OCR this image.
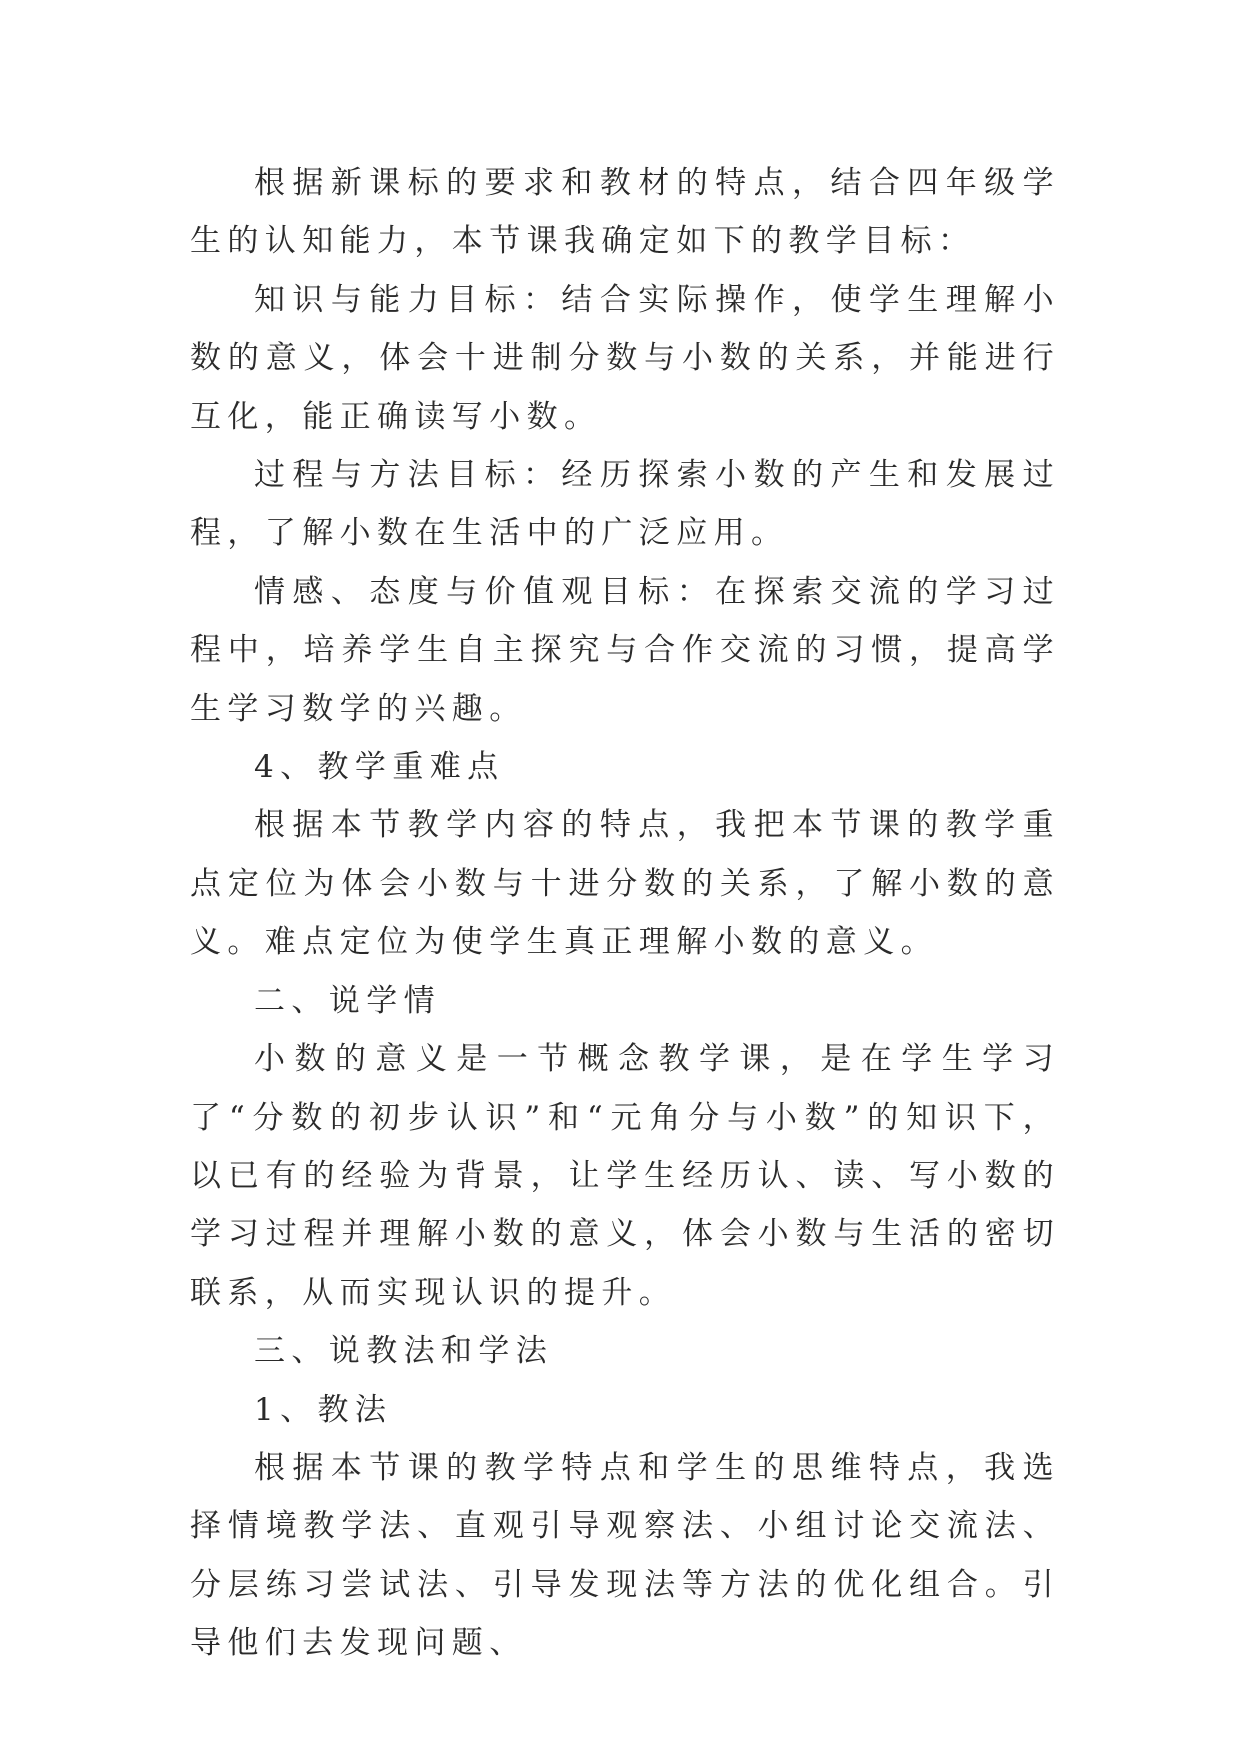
根据新课标的要求和教材的特点，结合四年级学生的认知能力，本节课我确定如下的教学目标：

知识与能力目标：结合实际操作，使学生理解小数的意义，体会十进制分数与小数的关系，并能进行互化，能正确读写小数。

过程与方法目标：经历探索小数的产生和发展过程，了解小数在生活中的广泛应用。

情感、态度与价值观目标：在探索交流的学习过程中，培养学生自主探究与合作交流的习惯，提高学生学习数学的兴趣。

4、教学重难点

根据本节教学内容的特点，我把本节课的教学重点定位为体会小数与十进分数的关系，了解小数的意义。难点定位为使学生真正理解小数的意义。

二、说学情

小数的意义是一节概念教学课，是在学生学习了“分数的初步认识”和“元角分与小数”的知识下，以已有的经验为背景，让学生经历认、读、写小数的学习过程并理解小数的意义，体会小数与生活的密切联系，从而实现认识的提升。

三、说教法和学法

1、教法

根据本节课的教学特点和学生的思维特点，我选择情境教学法、直观引导观察法、小组讨论交流法、分层练习尝试法、引导发现法等方法的优化组合。引导他们去发现问题、
